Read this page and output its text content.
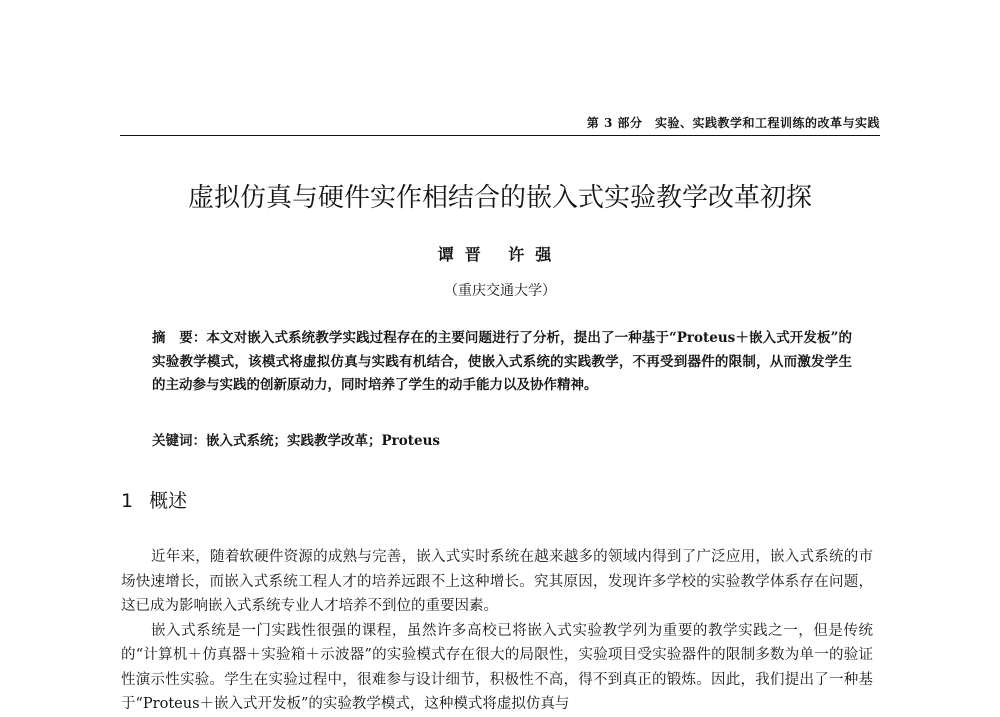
第 3 部分　实验、实践教学和工程训练的改革与实践
虚拟仿真与硬件实作相结合的嵌入式实验教学改革初探
谭晋 许强
（重庆交通大学）
摘　要：本文对嵌入式系统教学实践过程存在的主要问题进行了分析，提出了一种基于“Proteus＋嵌入式开发板”的实验教学模式，该模式将虚拟仿真与实践有机结合，使嵌入式系统的实践教学，不再受到器件的限制，从而激发学生的主动参与实践的创新原动力，同时培养了学生的动手能力以及协作精神。
关键词：嵌入式系统；实践教学改革；Proteus
1 概述

近年来，随着软硬件资源的成熟与完善，嵌入式实时系统在越来越多的领域内得到了广泛应用，嵌入式系统的市场快速增长，而嵌入式系统工程人才的培养远跟不上这种增长。究其原因，发现许多学校的实验教学体系存在问题，这已成为影响嵌入式系统专业人才培养不到位的重要因素。

嵌入式系统是一门实践性很强的课程，虽然许多高校已将嵌入式实验教学列为重要的教学实践之一，但是传统的“计算机＋仿真器＋实验箱＋示波器”的实验模式存在很大的局限性，实验项目受实验器件的限制多数为单一的验证性演示性实验。学生在实验过程中，很难参与设计细节，积极性不高，得不到真正的锻炼。因此，我们提出了一种基于“Proteus＋嵌入式开发板”的实验教学模式，这种模式将虚拟仿真与
